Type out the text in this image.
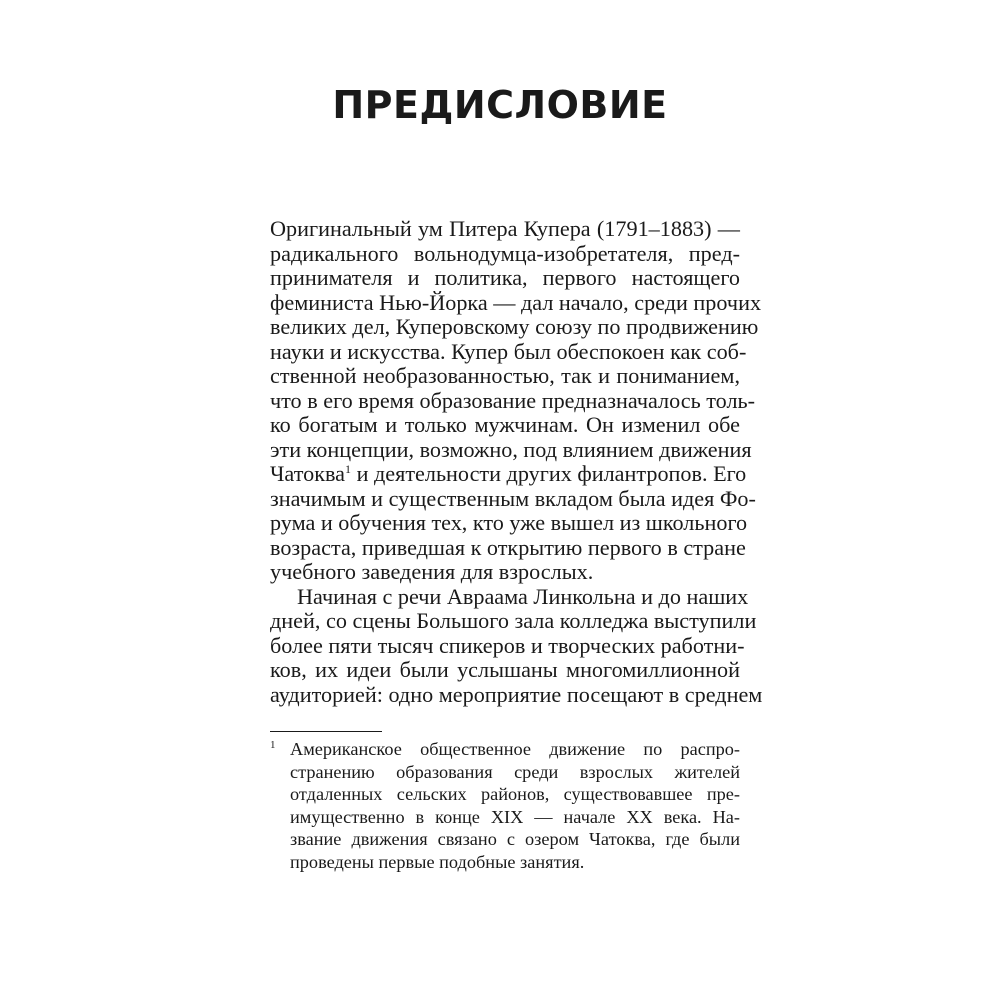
ПРЕДИСЛОВИЕ
Оригинальный ум Питера Купера (1791–1883) —
радикального вольнодумца-изобретателя, пред-
принимателя и политика, первого настоящего
феминиста Нью-Йорка — дал начало, среди прочих
великих дел, Куперовскому союзу по продвижению
науки и искусства. Купер был обеспокоен как соб-
ственной необразованностью, так и пониманием,
что в его время образование предназначалось толь-
ко богатым и только мужчинам. Он изменил обе
эти концепции, возможно, под влиянием движения
Чатоква$^1$ и деятельности других филантропов. Его
значимым и существенным вкладом была идея Фо-
рума и обучения тех, кто уже вышел из школьного
возраста, приведшая к открытию первого в стране
учебного заведения для взрослых.
Начиная с речи Авраама Линкольна и до наших
дней, со сцены Большого зала колледжа выступили
более пяти тысяч спикеров и творческих работни-
ков, их идеи были услышаны многомиллионной
аудиторией: одно мероприятие посещают в среднем
1 Американское общественное движение по распро-
странению образования среди взрослых жителей
отдаленных сельских районов, существовавшее пре-
имущественно в конце XIX — начале XX века. На-
звание движения связано с озером Чатоква, где были
проведены первые подобные занятия.
